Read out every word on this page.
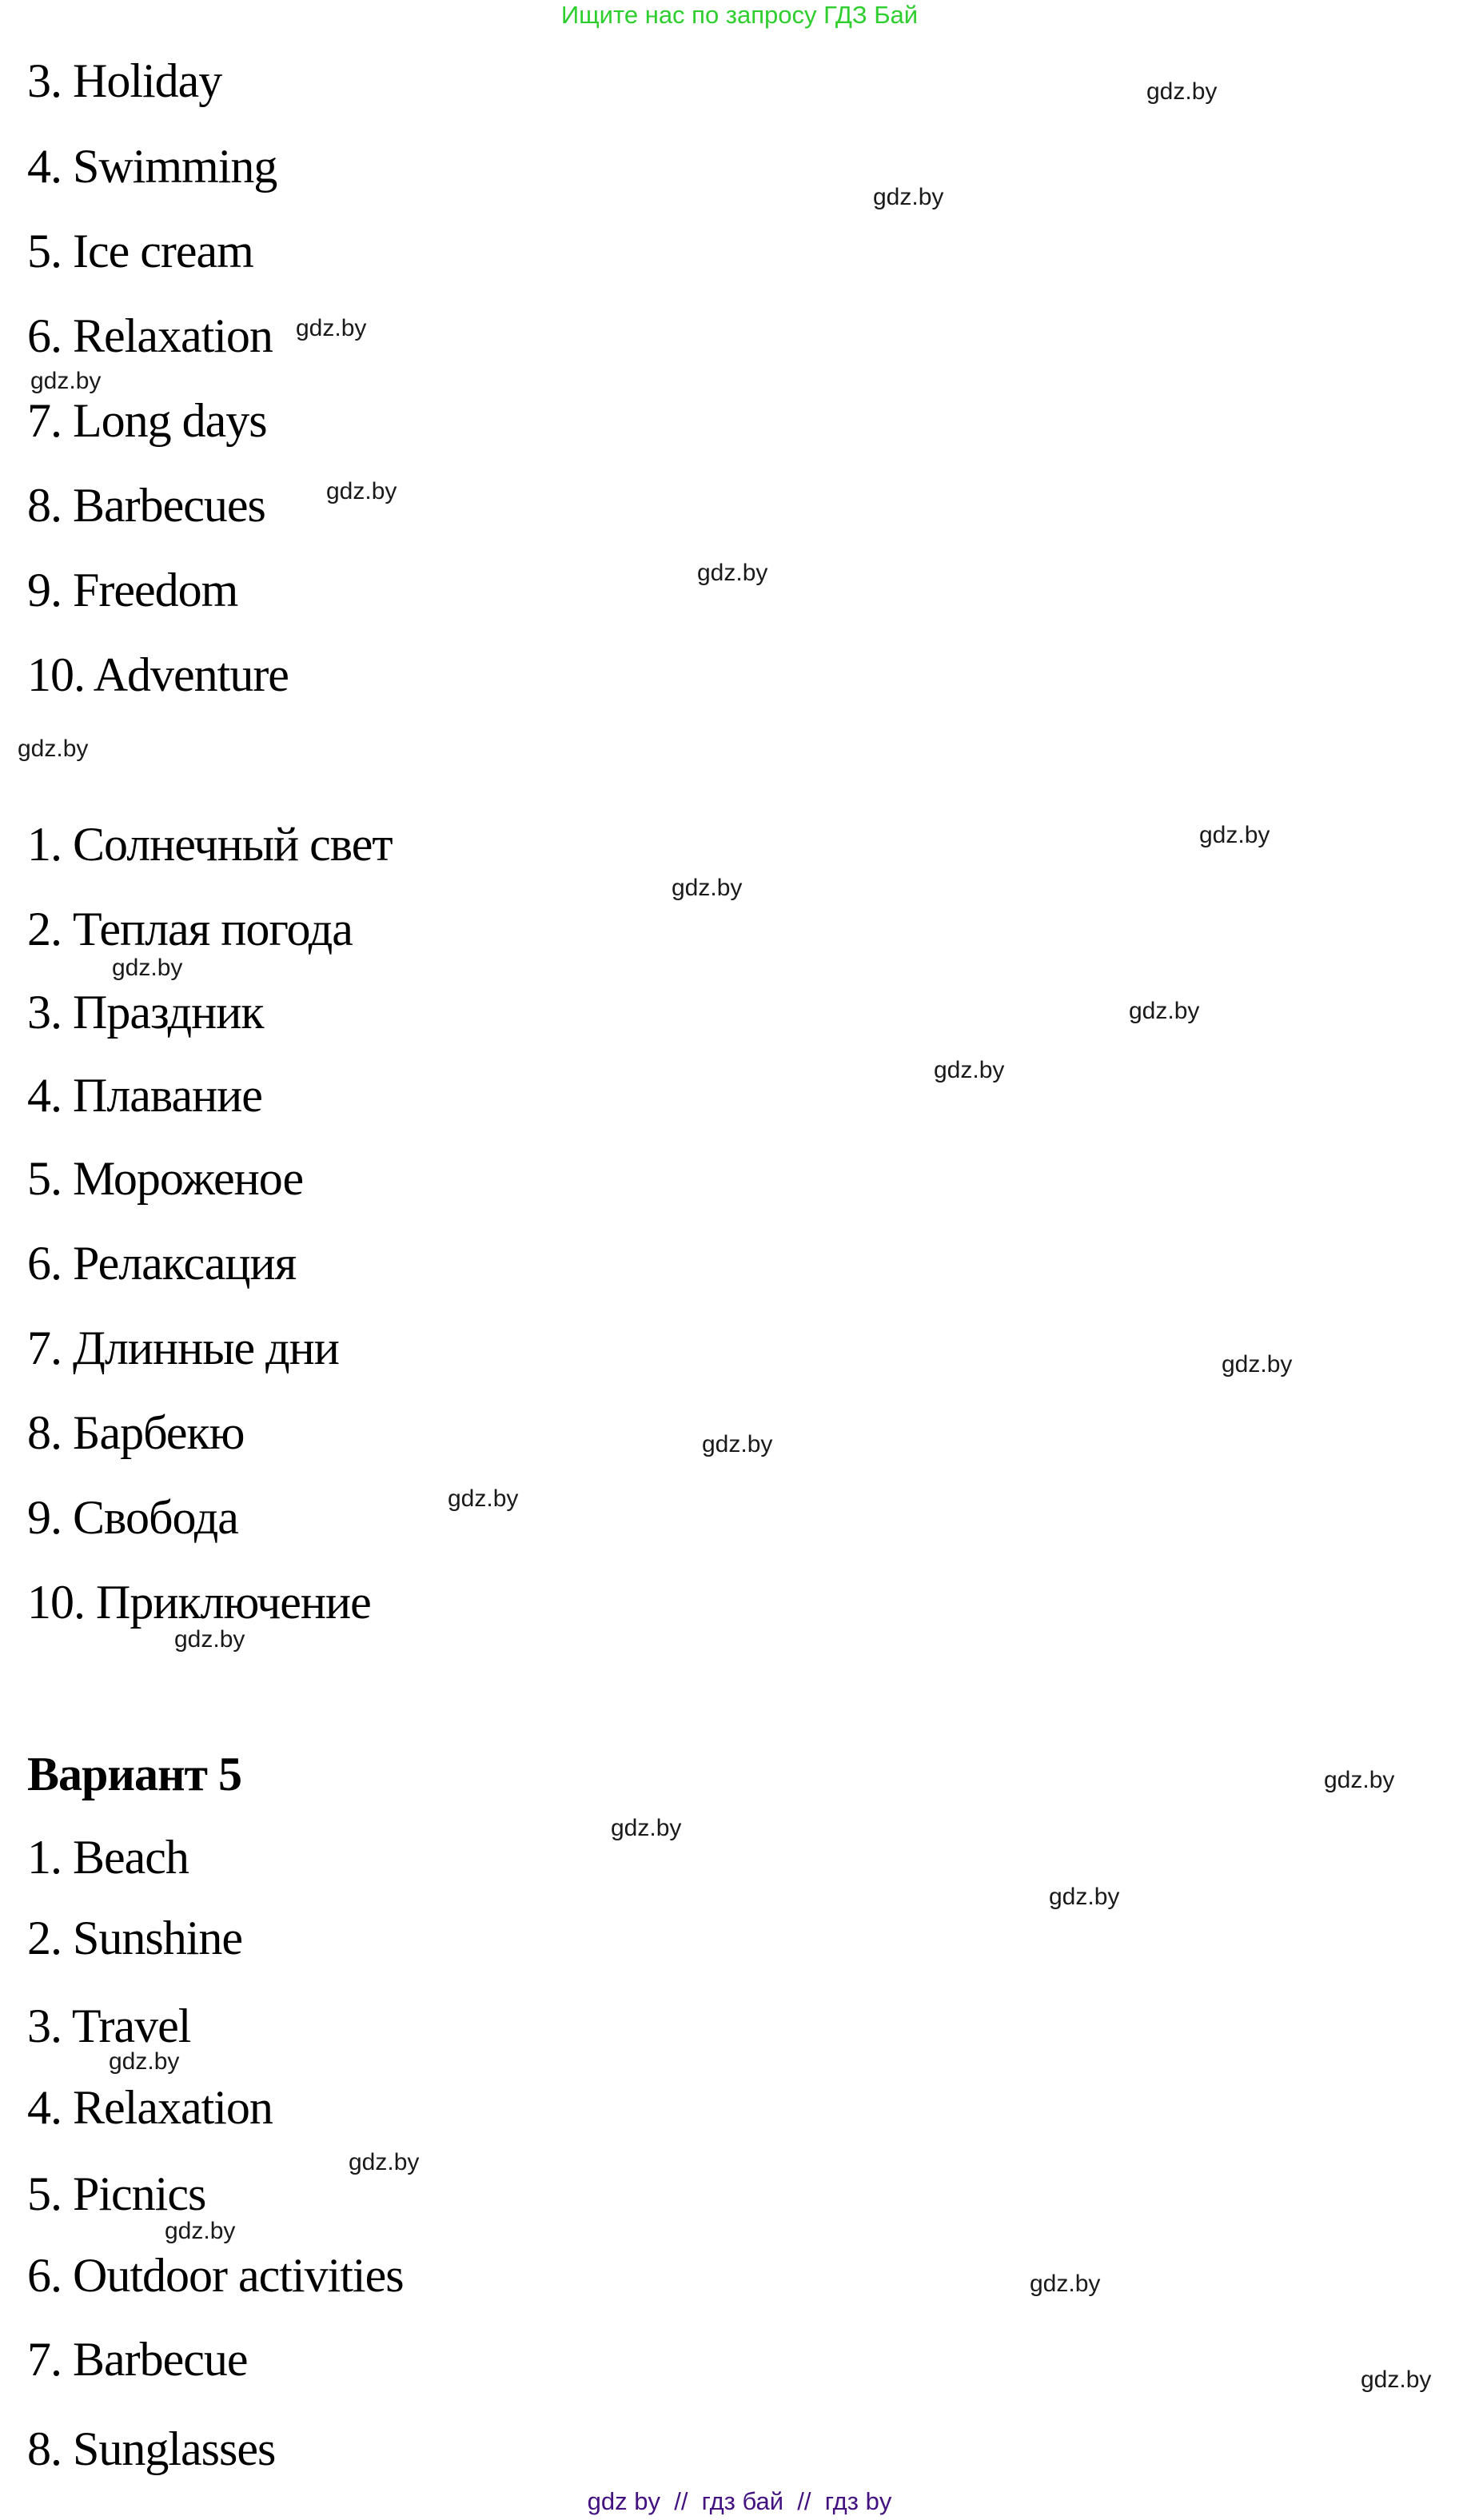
Ищите нас по запросу ГДЗ Бай
3. Holiday
4. Swimming
5. Ice cream
6. Relaxation
7. Long days
8. Barbecues
9. Freedom
10. Adventure
1. Солнечный свет
2. Теплая погода
3. Праздник
4. Плавание
5. Мороженое
6. Релаксация
7. Длинные дни
8. Барбекю
9. Свобода
10. Приключение
Вариант 5
1. Beach
2. Sunshine
3. Travel
4. Relaxation
5. Picnics
6. Outdoor activities
7. Barbecue
8. Sunglasses
gdz.by
gdz.by
gdz.by
gdz.by
gdz.by
gdz.by
gdz.by
gdz.by
gdz.by
gdz.by
gdz.by
gdz.by
gdz.by
gdz.by
gdz.by
gdz.by
gdz.by
gdz.by
gdz.by
gdz.by
gdz.by
gdz.by
gdz.by
gdz.by
gdz by  //  гдз бай  //  гдз by
